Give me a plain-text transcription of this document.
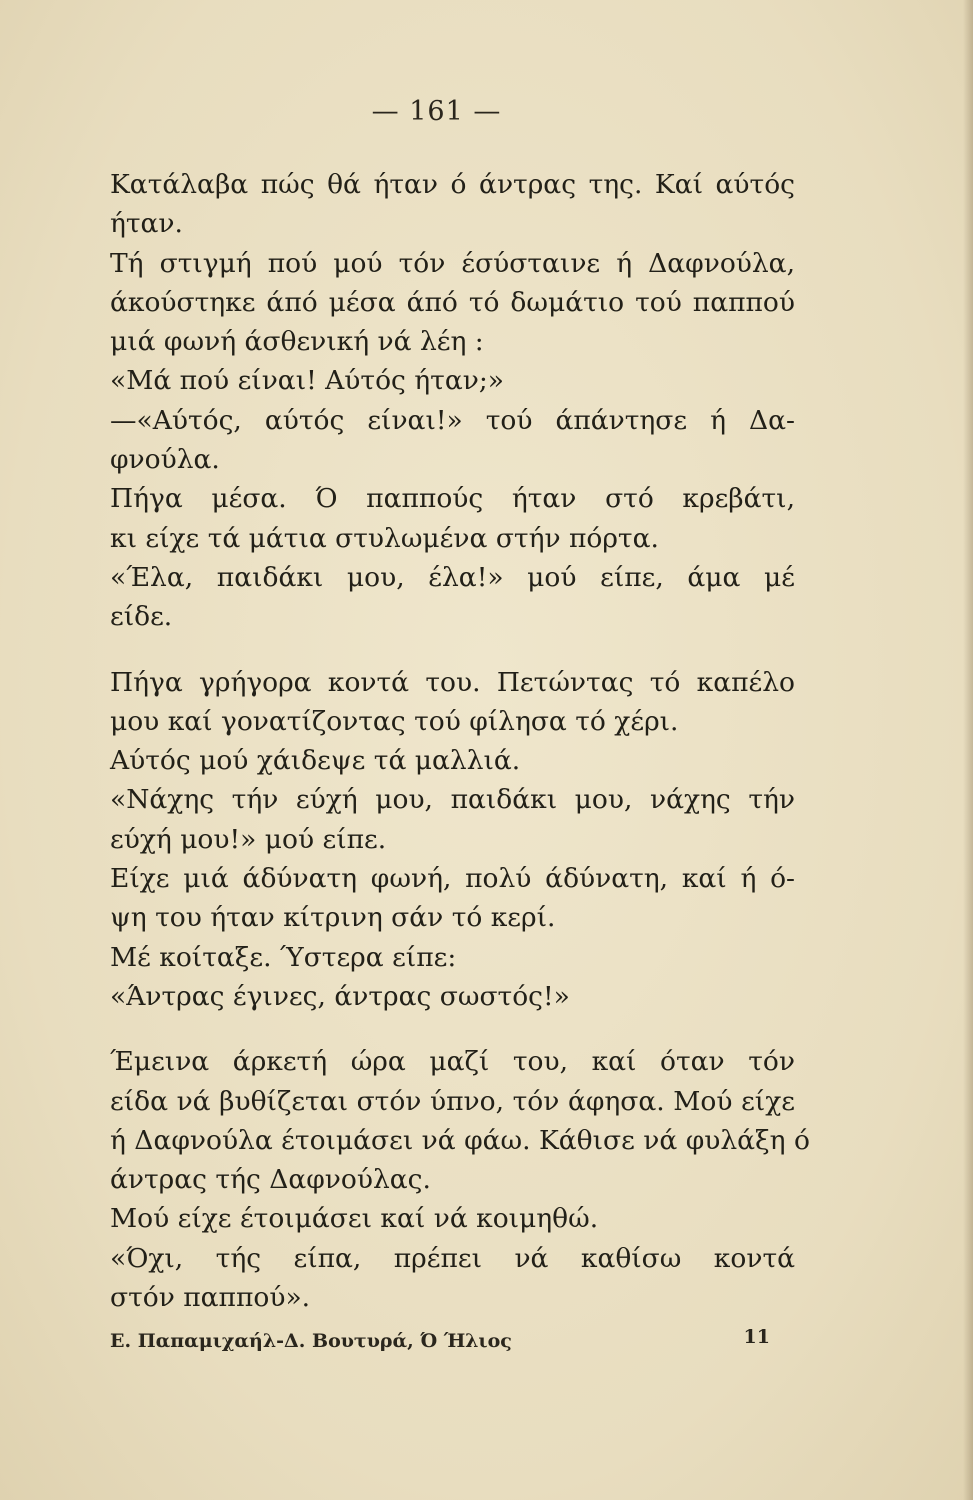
— 161 —
Κατάλαβα πώς θά ήταν ό άντρας της. Καί αύτός
ήταν.
Τή στιγμή πού μού τόν έσύσταινε ή Δαφνούλα,
άκούστηκε άπό μέσα άπό τό δωμάτιο τού παππού
μιά φωνή άσθενική νά λέη :
«Μά πού είναι! Αύτός ήταν;»
—«Αύτός, αύτός είναι!» τού άπάντησε ή Δα-
φνούλα.
Πήγα μέσα. Ό παππούς ήταν στό κρεβάτι,
κι είχε τά μάτια στυλωμένα στήν πόρτα.
«Έλα, παιδάκι μου, έλα!» μού είπε, άμα μέ
είδε.
Πήγα γρήγορα κοντά του. Πετώντας τό καπέλο
μου καί γονατίζοντας τού φίλησα τό χέρι.
Αύτός μού χάιδεψε τά μαλλιά.
«Νάχης τήν εύχή μου, παιδάκι μου, νάχης τήν
εύχή μου!» μού είπε.
Είχε μιά άδύνατη φωνή, πολύ άδύνατη, καί ή ό-
ψη του ήταν κίτρινη σάν τό κερί.
Μέ κοίταξε. Ύστερα είπε:
«Άντρας έγινες, άντρας σωστός!»
Έμεινα άρκετή ώρα μαζί του, καί όταν τόν
είδα νά βυθίζεται στόν ύπνο, τόν άφησα. Μού είχε
ή Δαφνούλα έτοιμάσει νά φάω. Κάθισε νά φυλάξη ό
άντρας τής Δαφνούλας.
Μού είχε έτοιμάσει καί νά κοιμηθώ.
«Όχι, τής είπα, πρέπει νά καθίσω κοντά
στόν παππού».
Ε. Παπαμιχαήλ-Δ. Βουτυρά, Ό Ήλιος	11
